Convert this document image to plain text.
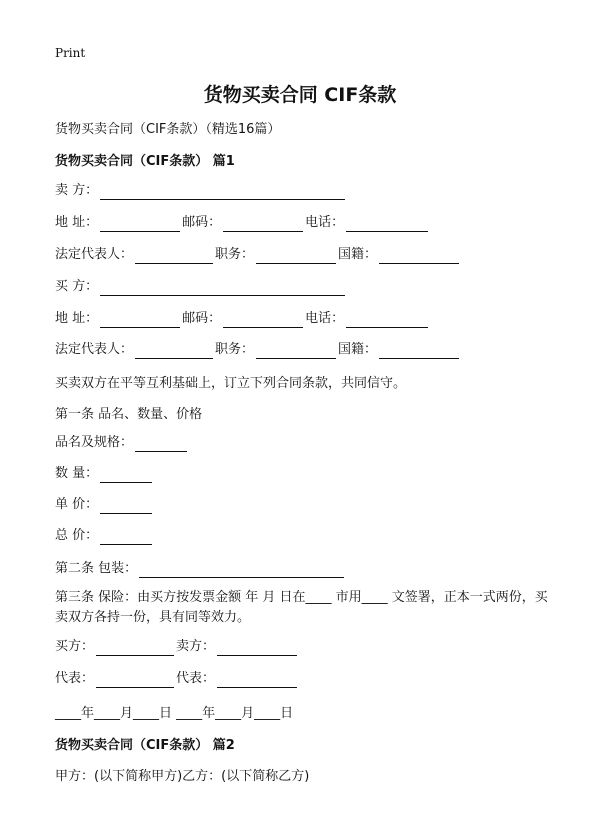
Print
货物买卖合同 CIF条款
货物买卖合同（CIF条款）（精选16篇）
货物买卖合同（CIF条款） 篇1
卖 方：
地 址：	邮码：	电话：
法定代表人：	职务：	国籍：
买 方：
地 址：	邮码：	电话：
法定代表人：	职务：	国籍：
买卖双方在平等互利基础上，订立下列合同条款，共同信守。
第一条 品名、数量、价格
品名及规格：
数 量：
单 价：
总 价：
第二条 包装：
第三条 保险：由买方按发票金额 年 月 日在____ 市用____ 文签署，正本一式两份，买卖双方各持一份，具有同等效力。
买方：	卖方：
代表：	代表：
____年____月____日 ____年____月____日
货物买卖合同（CIF条款） 篇2
甲方：(以下简称甲方)乙方：(以下简称乙方)
